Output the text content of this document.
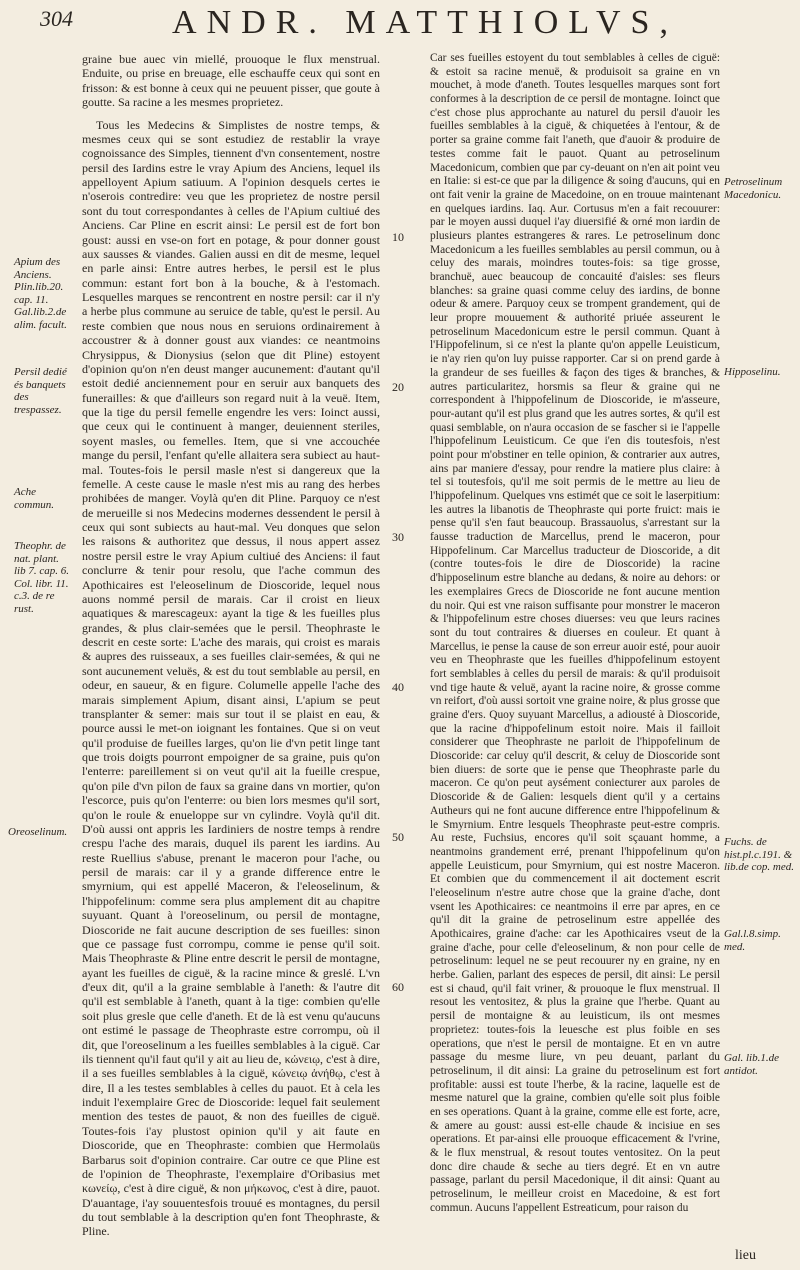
304	ANDR. MATTHIOLVS,
Apium des Anciens. Plin.lib.20. cap. 11. Gal.lib.2.de alim. facult.
Persil dedié és banquets des trespassez.
Ache commun.
Theophr. de nat. plant. lib 7. cap. 6. Col. libr. 11. c.3. de re rust.
Oreoselinum.
Petroselinum Macedonicu.
Hipposelinu.
Fuchs. de hist.pl.c.191. & lib.de cop. med.
Gal.l.8.simp. med.
Gal. lib.1.de antidot.
10
20
30
40
50
60

graine bue auec vin miellé, prouoque le flux menstrual. Enduite, ou prise en breuage, elle eschauffe ceux qui sont en frisson: & est bonne à ceux qui ne peuuent pisser, que goute à goutte. Sa racine a les mesmes proprietez.

Tous les Medecins & Simplistes de nostre temps, & mesmes ceux qui se sont estudiez de restablir la vraye cognoissance des Simples, tiennent d'vn consentement, nostre persil des Iardins estre le vray Apium des Anciens, lequel ils appelloyent Apium satiuum. A l'opinion desquels certes ie n'oserois contredire: veu que les proprietez de nostre persil sont du tout correspondantes à celles de l'Apium cultiué des Anciens. Car Pline en escrit ainsi: Le persil est de fort bon goust: aussi en vse-on fort en potage, & pour donner goust aux sausses & viandes. Galien aussi en dit de mesme, lequel en parle ainsi: Entre autres herbes, le persil est le plus commun: estant fort bon à la bouche, & à l'estomach. Lesquelles marques se rencontrent en nostre persil: car il n'y a herbe plus commune au seruice de table, qu'est le persil. Au reste combien que nous nous en seruions ordinairement à accoustrer & à donner goust aux viandes: ce neantmoins Chrysippus, & Dionysius (selon que dit Pline) estoyent d'opinion qu'on n'en deust manger aucunement: d'autant qu'il estoit dedié anciennement pour en seruir aux banquets des funerailles: & que d'ailleurs son regard nuit à la veuë. Item, que la tige du persil femelle engendre les vers: Ioinct aussi, que ceux qui le continuent à manger, deuiennent steriles, soyent masles, ou femelles. Item, que si vne accouchée mange du persil, l'enfant qu'elle allaitera sera subiect au haut-mal. Toutes-fois le persil masle n'est si dangereux que la femelle. A ceste cause le masle n'est mis au rang des herbes prohibées de manger. Voylà qu'en dit Pline. Parquoy ce n'est de merueille si nos Medecins modernes dessendent le persil à ceux qui sont subiects au haut-mal. Veu donques que selon les raisons & authoritez que dessus, il nous appert assez nostre persil estre le vray Apium cultiué des Anciens: il faut conclurre & tenir pour resolu, que l'ache commun des Apothicaires est l'eleoselinum de Dioscoride, lequel nous auons nommé persil de marais. Car il croist en lieux aquatiques & marescageux: ayant la tige & les fueilles plus grandes, & plus clair-semées que le persil. Theophraste le descrit en ceste sorte: L'ache des marais, qui croist es marais & aupres des ruisseaux, a ses fueilles clair-semées, & qui ne sont aucunement veluës, & est du tout semblable au persil, en odeur, en saueur, & en figure. Columelle appelle l'ache des marais simplement Apium, disant ainsi, L'apium se peut transplanter & semer: mais sur tout il se plaist en eau, & pource aussi le met-on ioignant les fontaines. Que si on veut qu'il produise de fueilles larges, qu'on lie d'vn petit linge tant que trois doigts pourront empoigner de sa graine, puis qu'on l'enterre: pareillement si on veut qu'il ait la fueille crespue, qu'on pile d'vn pilon de faux sa graine dans vn mortier, qu'on l'escorce, puis qu'on l'enterre: ou bien lors mesmes qu'il sort, qu'on le roule & enueloppe sur vn cylindre. Voylà qu'il dit. D'où aussi ont appris les Iardiniers de nostre temps à rendre crespu l'ache des marais, duquel ils parent les iardins. Au reste Ruellius s'abuse, prenant le maceron pour l'ache, ou persil de marais: car il y a grande difference entre le smyrnium, qui est appellé Maceron, & l'eleoselinum, & l'hippofelinum: comme sera plus amplement dit au chapitre suyuant. Quant à l'oreoselinum, ou persil de montagne, Dioscoride ne fait aucune description de ses fueilles: sinon que ce passage fust corrompu, comme ie pense qu'il soit. Mais Theophraste & Pline entre descrit le persil de montagne, ayant les fueilles de ciguë, & la racine mince & greslé. L'vn d'eux dit, qu'il a la graine semblable à l'aneth: & l'autre dit qu'il est semblable à l'aneth, quant à la tige: combien qu'elle soit plus gresle que celle d'aneth. Et de là est venu qu'aucuns ont estimé le passage de Theophraste estre corrompu, où il dit, que l'oreoselinum a les fueilles semblables à la ciguë. Car ils tiennent qu'il faut qu'il y ait au lieu de, κώνειῳ, c'est à dire, il a ses fueilles semblables à la ciguë, κώνειῳ ἀνήθῳ, c'est à dire, Il a les testes semblables à celles du pauot. Et à cela les induit l'exemplaire Grec de Dioscoride: lequel fait seulement mention des testes de pauot, & non des fueilles de ciguë. Toutes-fois i'ay plustost opinion qu'il y ait faute en Dioscoride, que en Theophraste: combien que Hermolaüs Barbarus soit d'opinion contraire. Car outre ce que Pline est de l'opinion de Theophraste, l'exemplaire d'Oribasius met κωνείῳ, c'est à dire ciguë, & non μήκωνος, c'est à dire, pauot. D'auantage, i'ay souuentesfois trouué es montagnes, du persil du tout semblable à la description qu'en font Theophraste, & Pline.

Car ses fueilles estoyent du tout semblables à celles de ciguë: & estoit sa racine menuë, & produisoit sa graine en vn mouchet, à mode d'aneth. Toutes lesquelles marques sont fort conformes à la description de ce persil de montagne. Ioinct que c'est chose plus approchante au naturel du persil d'auoir les fueilles semblables à la ciguë, & chiquetées à l'entour, & de porter sa graine comme fait l'aneth, que d'auoir & produire de testes comme fait le pauot. Quant au petroselinum Macedonicum, combien que par cy-deuant on n'en ait point veu en Italie: si est-ce que par la diligence & soing d'aucuns, qui en ont fait venir la graine de Macedoine, on en trouue maintenant en quelques iardins. Iaq. Aur. Cortusus m'en a fait recouurer: par le moyen aussi duquel i'ay diuersifié & orné mon iardin de plusieurs plantes estrangeres & rares. Le petroselinum donc Macedonicum a les fueilles semblables au persil commun, ou à celuy des marais, moindres toutes-fois: sa tige grosse, branchuë, auec beaucoup de concauité d'aisles: ses fleurs blanches: sa graine quasi comme celuy des iardins, de bonne odeur & amere. Parquoy ceux se trompent grandement, qui de leur propre mouuement & authorité priuée asseurent le petroselinum Macedonicum estre le persil commun. Quant à l'Hippofelinum, si ce n'est la plante qu'on appelle Leuisticum, ie n'ay rien qu'on luy puisse rapporter. Car si on prend garde à la grandeur de ses fueilles & façon des tiges & branches, & autres particularitez, horsmis sa fleur & graine qui ne correspondent à l'hippofelinum de Dioscoride, ie m'asseure, pour-autant qu'il est plus grand que les autres sortes, & qu'il est quasi semblable, on n'aura occasion de se fascher si ie l'appelle l'hippofelinum Leuisticum. Ce que i'en dis toutesfois, n'est point pour m'obstiner en telle opinion, & contrarier aux autres, ains par maniere d'essay, pour rendre la matiere plus claire: à tel si toutesfois, qu'il me soit permis de le mettre au lieu de l'hippofelinum. Quelques vns estimét que ce soit le laserpitium: les autres la libanotis de Theophraste qui porte fruict: mais ie pense qu'il s'en faut beaucoup. Brassauolus, s'arrestant sur la fausse traduction de Marcellus, prend le maceron, pour Hippofelinum. Car Marcellus traducteur de Dioscoride, a dit (contre toutes-fois le dire de Dioscoride) la racine d'hipposelinum estre blanche au dedans, & noire au dehors: or les exemplaires Grecs de Dioscoride ne font aucune mention du noir. Qui est vne raison suffisante pour monstrer le maceron & l'hippofelinum estre choses diuerses: veu que leurs racines sont du tout contraires & diuerses en couleur. Et quant à Marcellus, ie pense la cause de son erreur auoir esté, pour auoir veu en Theophraste que les fueilles d'hippofelinum estoyent fort semblables à celles du persil de marais: & qu'il produisoit vnd tige haute & veluë, ayant la racine noire, & grosse comme vn reifort, d'où aussi sortoit vne graine noire, & plus grosse que graine d'ers. Quoy suyuant Marcellus, a adiousté à Dioscoride, que la racine d'hippofelinum estoit noire. Mais il failloit considerer que Theophraste ne parloit de l'hippofelinum de Dioscoride: car celuy qu'il descrit, & celuy de Dioscoride sont bien diuers: de sorte que ie pense que Theophraste parle du maceron. Ce qu'on peut aysément coniecturer aux paroles de Dioscoride & de Galien: lesquels dient qu'il y a certains Autheurs qui ne font aucune difference entre l'hippofelinum & le Smyrnium. Entre lesquels Theophraste peut-estre compris. Au reste, Fuchsius, encores qu'il soit sçauant homme, a neantmoins grandement erré, prenant l'hippofelinum qu'on appelle Leuisticum, pour Smyrnium, qui est nostre Maceron. Et combien que du commencement il ait doctement escrit l'eleoselinum n'estre autre chose que la graine d'ache, dont vsent les Apothicaires: ce neantmoins il erre par apres, en ce qu'il dit la graine de petroselinum estre appellée des Apothicaires, graine d'ache: car les Apothicaires vseut de la graine d'ache, pour celle d'eleoselinum, & non pour celle de petroselinum: lequel ne se peut recouurer ny en graine, ny en herbe. Galien, parlant des especes de persil, dit ainsi: Le persil est si chaud, qu'il fait vriner, & prouoque le flux menstrual. Il resout les ventositez, & plus la graine que l'herbe. Quant au persil de montaigne & au leuisticum, ils ont mesmes proprietez: toutes-fois la leuesche est plus foible en ses operations, que n'est le persil de montaigne. Et en vn autre passage du mesme liure, vn peu deuant, parlant du petroselinum, il dit ainsi: La graine du petroselinum est fort profitable: aussi est toute l'herbe, & la racine, laquelle est de mesme naturel que la graine, combien qu'elle soit plus foible en ses operations. Quant à la graine, comme elle est forte, acre, & amere au goust: aussi est-elle chaude & incisiue en ses operations. Et par-ainsi elle prouoque efficacement & l'vrine, & le flux menstrual, & resout toutes ventositez. On la peut donc dire chaude & seche au tiers degré. Et en vn autre passage, parlant du persil Macedonique, il dit ainsi: Quant au petroselinum, le meilleur croist en Macedoine, & est fort commun. Aucuns l'appellent Estreaticum, pour raison du

lieu
